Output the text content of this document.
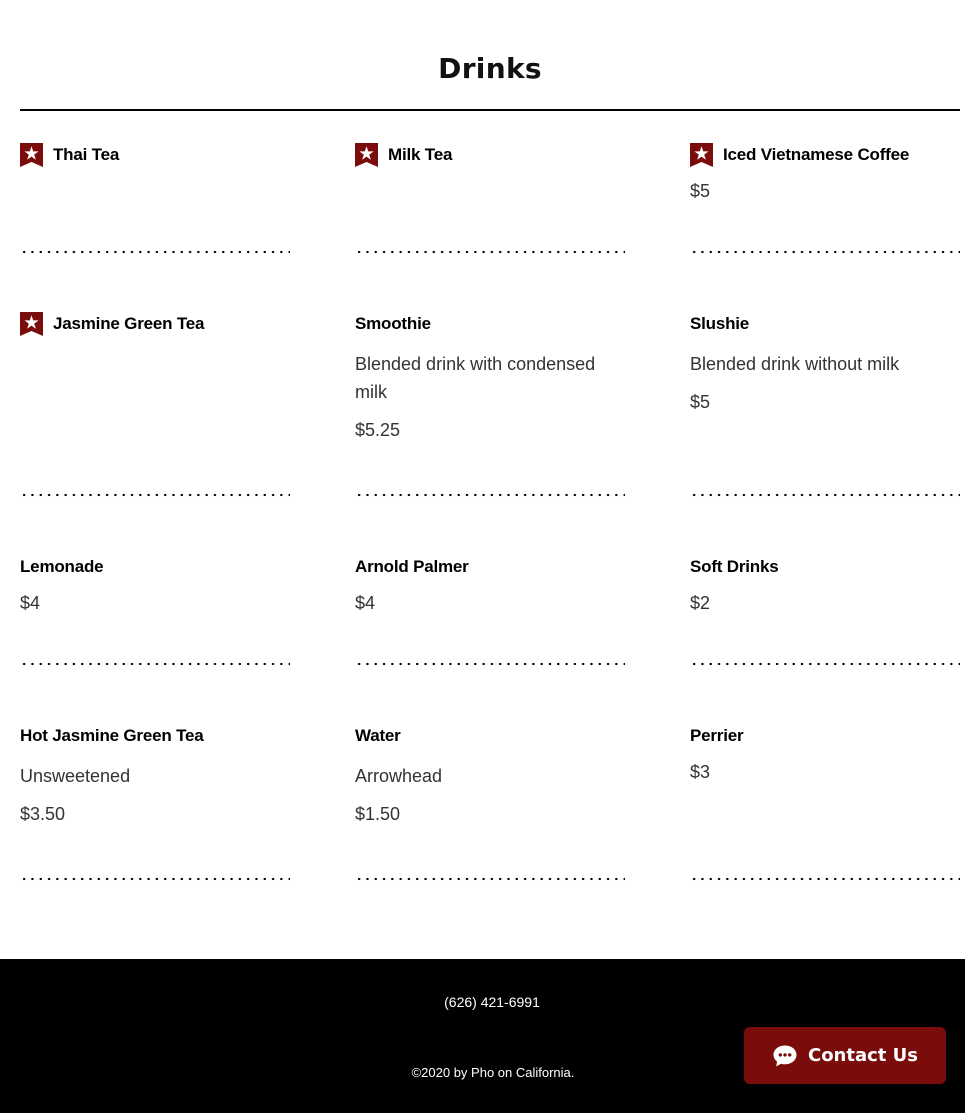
Drinks
Thai Tea	Milk Tea	Iced Vietnamese Coffee
$5
Jasmine Green Tea	Smoothie
Blended drink with condensed milk
$5.25
Slushie
Blended drink without milk
$5
Lemonade
$4
Arnold Palmer
$4
Soft Drinks
$2
Hot Jasmine Green Tea
Unsweetened
$3.50
Water
Arrowhead
$1.50
Perrier
$3
(626) 421-6991
©2020 by Pho on California.
Contact Us
